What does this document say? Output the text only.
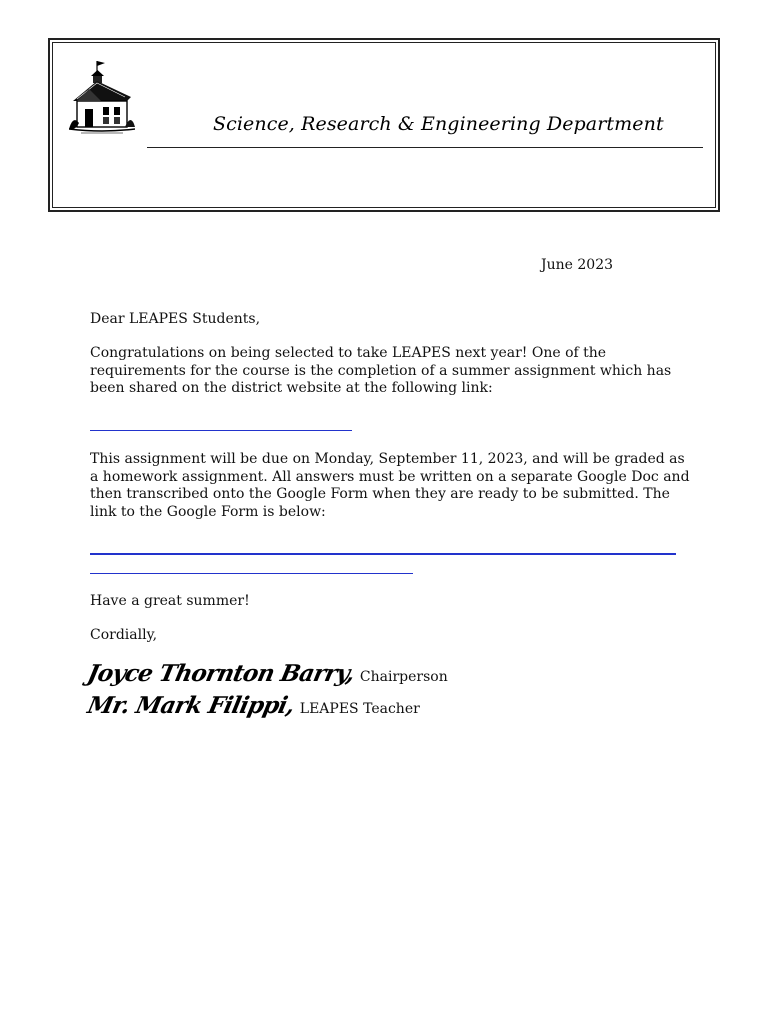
Science, Research & Engineering Department
June 2023

Dear LEAPES Students,

Congratulations on being selected to take LEAPES next year! One of the requirements for the course is the completion of a summer assignment which has been shared on the district website at the following link:

This assignment will be due on Monday, September 11, 2023, and will be graded as a homework assignment. All answers must be written on a separate Google Doc and then transcribed onto the Google Form when they are ready to be submitted. The link to the Google Form is below:

Have a great summer!

Cordially,

Joyce Thornton Barry, Chairperson
Mr. Mark Filippi, LEAPES Teacher
